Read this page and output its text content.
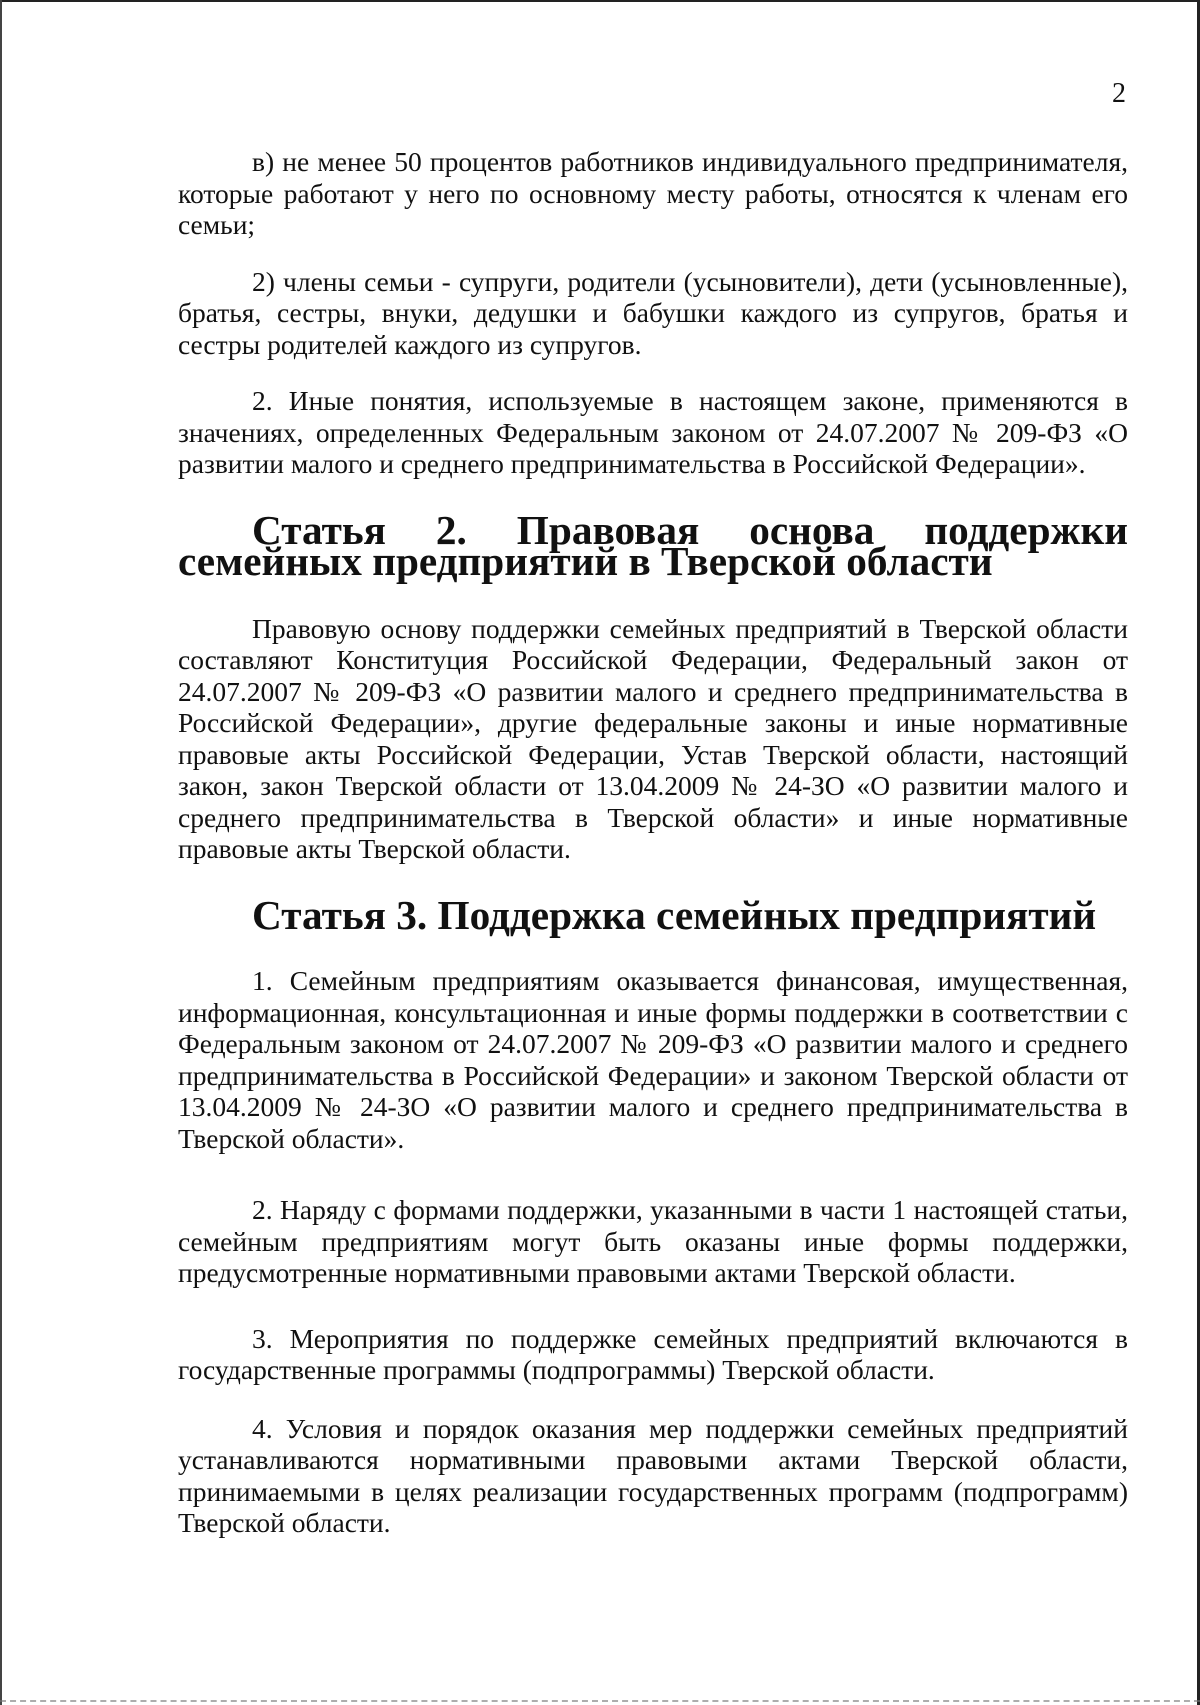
2

в) не менее 50 процентов работников индивидуального предпринимателя, которые работают у него по основному месту работы, относятся к членам его семьи;

2) члены семьи - супруги, родители (усыновители), дети (усыновленные), братья, сестры, внуки, дедушки и бабушки каждого из супругов, братья и сестры родителей каждого из супругов.

2. Иные понятия, используемые в настоящем законе, применяются в значениях, определенных Федеральным законом от 24.07.2007 № 209-ФЗ «О развитии малого и среднего предпринимательства в Российской Федерации».

Статья 2. Правовая основа поддержки семейных предприятий в Тверской области

Правовую основу поддержки семейных предприятий в Тверской области составляют Конституция Российской Федерации, Федеральный закон от 24.07.2007 № 209-ФЗ «О развитии малого и среднего предпринимательства в Российской Федерации», другие федеральные законы и иные нормативные правовые акты Российской Федерации, Устав Тверской области, настоящий закон, закон Тверской области от 13.04.2009 № 24-ЗО «О развитии малого и среднего предпринимательства в Тверской области» и иные нормативные правовые акты Тверской области.

Статья 3. Поддержка семейных предприятий

1. Семейным предприятиям оказывается финансовая, имущественная, информационная, консультационная и иные формы поддержки в соответствии с Федеральным законом от 24.07.2007 № 209-ФЗ «О развитии малого и среднего предпринимательства в Российской Федерации» и законом Тверской области от 13.04.2009 № 24-ЗО «О развитии малого и среднего предпринимательства в Тверской области».

2. Наряду с формами поддержки, указанными в части 1 настоящей статьи, семейным предприятиям могут быть оказаны иные формы поддержки, предусмотренные нормативными правовыми актами Тверской области.

3. Мероприятия по поддержке семейных предприятий включаются в государственные программы (подпрограммы) Тверской области.

4. Условия и порядок оказания мер поддержки семейных предприятий устанавливаются нормативными правовыми актами Тверской области, принимаемыми в целях реализации государственных программ (подпрограмм) Тверской области.
